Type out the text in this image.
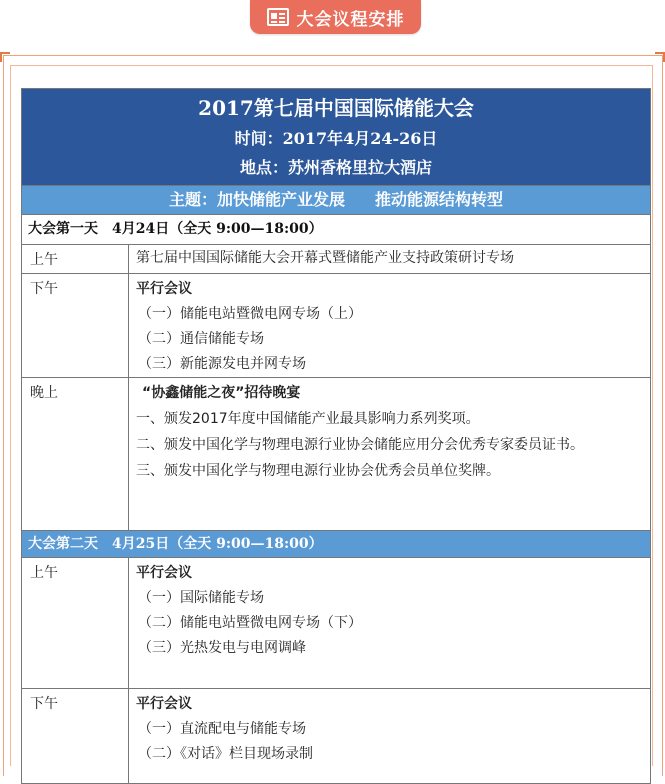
大会议程安排
2017第七届中国国际储能大会
时间：2017年4月24-26日
地点：苏州香格里拉大酒店	

主题：加快储能产业发展 推动能源结构转型	
大会第一天 4月24日（全天 9:00—18:00）	
上午	第七届中国国际储能大会开幕式暨储能产业支持政策研讨专场
下午	平行会议
（一）储能电站暨微电网专场（上）
（二）通信储能专场
（三）新能源发电并网专场

晚上	“协鑫储能之夜”招待晚宴
一、颁发2017年度中国储能产业最具影响力系列奖项。
二、颁发中国化学与物理电源行业协会储能应用分会优秀专家委员证书。
三、颁发中国化学与物理电源行业协会优秀会员单位奖牌。

大会第二天 4月25日（全天 9:00—18:00）	
上午	平行会议
（一）国际储能专场
（二）储能电站暨微电网专场（下）
（三）光热发电与电网调峰

下午	平行会议
（一）直流配电与储能专场
（二）《对话》栏目现场录制
